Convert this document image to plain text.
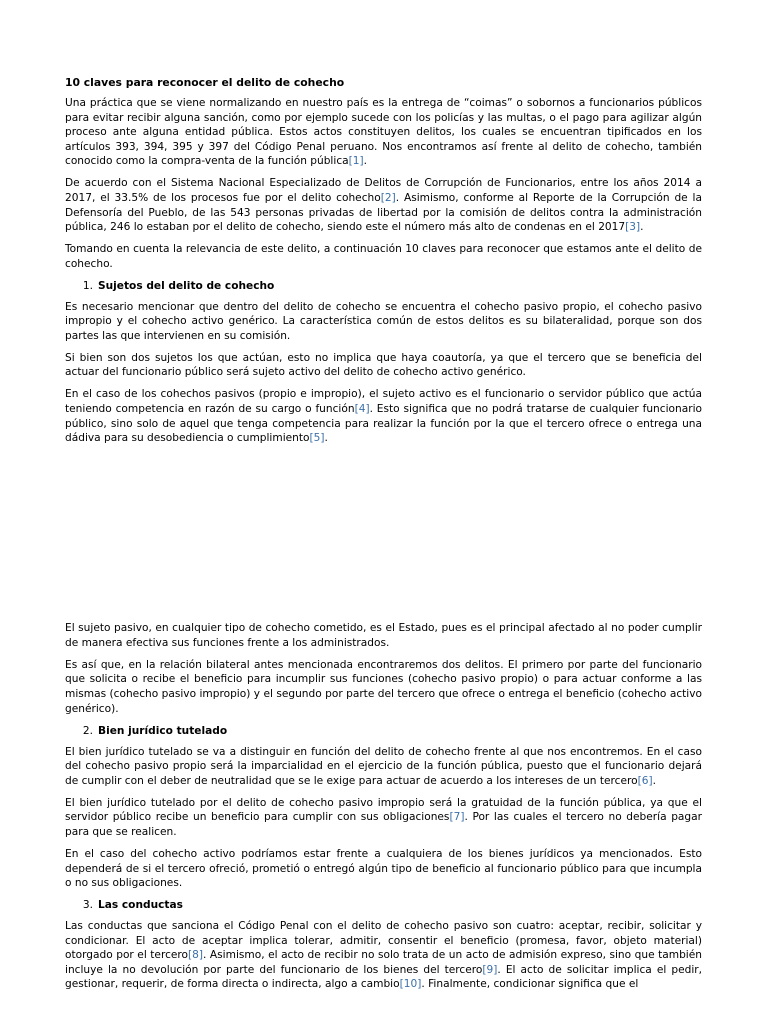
10 claves para reconocer el delito de cohecho

Una práctica que se viene normalizando en nuestro país es la entrega de “coimas” o sobornos a funcionarios públicos para evitar recibir alguna sanción, como por ejemplo sucede con los policías y las multas, o el pago para agilizar algún proceso ante alguna entidad pública. Estos actos constituyen delitos, los cuales se encuentran tipificados en los artículos 393, 394, 395 y 397 del Código Penal peruano. Nos encontramos así frente al delito de cohecho, también conocido como la compra-venta de la función pública[1].

De acuerdo con el Sistema Nacional Especializado de Delitos de Corrupción de Funcionarios, entre los años 2014 a 2017, el 33.5% de los procesos fue por el delito cohecho[2]. Asimismo, conforme al Reporte de la Corrupción de la Defensoría del Pueblo, de las 543 personas privadas de libertad por la comisión de delitos contra la administración pública, 246 lo estaban por el delito de cohecho, siendo este el número más alto de condenas en el 2017[3].

Tomando en cuenta la relevancia de este delito, a continuación 10 claves para reconocer que estamos ante el delito de cohecho.

1. Sujetos del delito de cohecho

Es necesario mencionar que dentro del delito de cohecho se encuentra el cohecho pasivo propio, el cohecho pasivo impropio y el cohecho activo genérico. La característica común de estos delitos es su bilateralidad, porque son dos partes las que intervienen en su comisión.

Si bien son dos sujetos los que actúan, esto no implica que haya coautoría, ya que el tercero que se beneficia del actuar del funcionario público será sujeto activo del delito de cohecho activo genérico.

En el caso de los cohechos pasivos (propio e impropio), el sujeto activo es el funcionario o servidor público que actúa teniendo competencia en razón de su cargo o función[4]. Esto significa que no podrá tratarse de cualquier funcionario público, sino solo de aquel que tenga competencia para realizar la función por la que el tercero ofrece o entrega una dádiva para su desobediencia o cumplimiento[5].

El sujeto pasivo, en cualquier tipo de cohecho cometido, es el Estado, pues es el principal afectado al no poder cumplir de manera efectiva sus funciones frente a los administrados.

Es así que, en la relación bilateral antes mencionada encontraremos dos delitos. El primero por parte del funcionario que solicita o recibe el beneficio para incumplir sus funciones (cohecho pasivo propio) o para actuar conforme a las mismas (cohecho pasivo impropio) y el segundo por parte del tercero que ofrece o entrega el beneficio (cohecho activo genérico).

2. Bien jurídico tutelado

El bien jurídico tutelado se va a distinguir en función del delito de cohecho frente al que nos encontremos. En el caso del cohecho pasivo propio será la imparcialidad en el ejercicio de la función pública, puesto que el funcionario dejará de cumplir con el deber de neutralidad que se le exige para actuar de acuerdo a los intereses de un tercero[6].

El bien jurídico tutelado por el delito de cohecho pasivo impropio será la gratuidad de la función pública, ya que el servidor público recibe un beneficio para cumplir con sus obligaciones[7]. Por las cuales el tercero no debería pagar para que se realicen.

En el caso del cohecho activo podríamos estar frente a cualquiera de los bienes jurídicos ya mencionados. Esto dependerá de si el tercero ofreció, prometió o entregó algún tipo de beneficio al funcionario público para que incumpla o no sus obligaciones.

3. Las conductas

Las conductas que sanciona el Código Penal con el delito de cohecho pasivo son cuatro: aceptar, recibir, solicitar y condicionar. El acto de aceptar implica tolerar, admitir, consentir el beneficio (promesa, favor, objeto material) otorgado por el tercero[8]. Asimismo, el acto de recibir no solo trata de un acto de admisión expreso, sino que también incluye la no devolución por parte del funcionario de los bienes del tercero[9]. El acto de solicitar implica el pedir, gestionar, requerir, de forma directa o indirecta, algo a cambio[10]. Finalmente, condicionar significa que el
